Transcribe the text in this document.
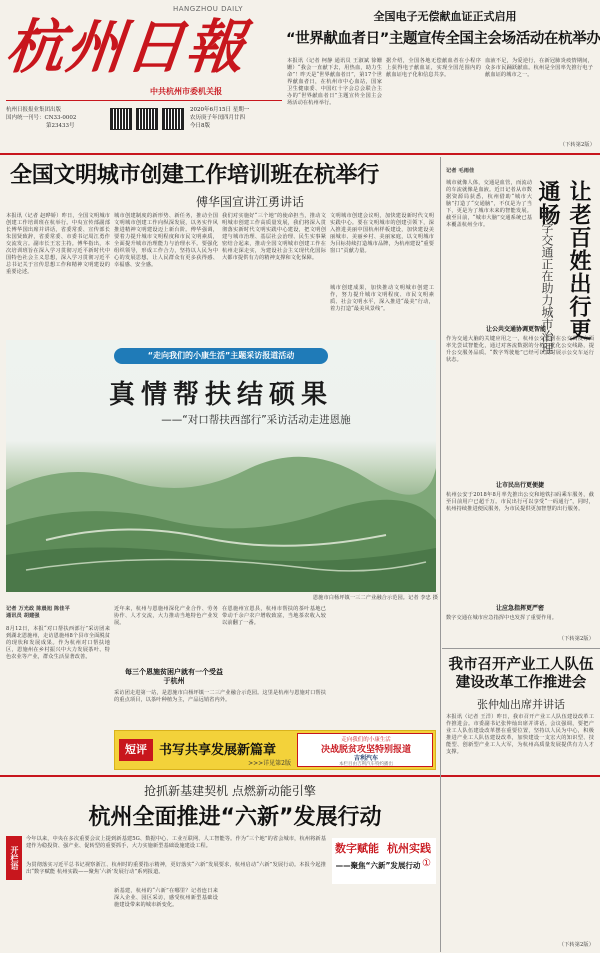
HANGZHOU DAILY
杭州日報
中共杭州市委机关报
杭州日报报业集团出版
国内统一刊号：CN33-0002
第23433号
2020年6月15日 星期一
农历庚子年闰四月廿四
今日8版
全国电子无偿献血证正式启用
“世界献血者日”主题宣传全国主会场活动在杭举办
本报讯（记者 柯静 通讯员 王淑斌 徐姗姗）“我会一直献下去，用热血，助力生命”！昨天是“世界献血者日”，第17个世界献血者日，在杭州市中心血站，国家卫生健康委、中国红十字会总会联合主办的“世界献血者日”主题宣传全国主会场活动在杭州举行。
据介绍，全国各地无偿献血者在小程序上获得电子献血证，实现全国范围内的献血证电子化和信息共享。
血液不足，为爱逆行，在新冠肺炎疫情期间，众多市民踊跃献血。杭州是全国率先推行电子献血证的城市之一。
（下转第2版）
全国文明城市创建工作培训班在杭举行
傅华国宣讲江勇讲话
本报讯（记者 赵晔娇）昨日，全国文明城市创建工作培训班在杭举行。中央宣传部副部长傅华国出席并讲话，省委常委、宣传部长朱国贤致辞，省委常委、市委书记周江勇作交流发言。副市长王宏主持。傅华指出，本次培训班旨在深入学习贯彻习近平新时代中国特色社会主义思想，深入学习贯彻习近平总书记关于宣传思想工作和精神文明建设的重要论述。
城市创建制度的新形势、新任务，推动全国文明城市创建工作向纵深发展，以务实作风推进精神文明建设迈上新台阶。傅华强调，要着力提升城市文明程度和市民文明素质，全面提升城市治理能力与治理水平。要强化组织领导，形成工作合力，坚持以人民为中心的发展思想，让人民群众有更多获得感、幸福感、安全感。
我们对实施好“三个地”的使命担当，推动文明城市创建工作高质量发展，我们将深入贯彻落实新时代文明实践中心建设，把文明创建与城市治理、基层社会治理、民生实事紧密结合起来，推动全国文明城市创建工作在杭州走深走实，为建设社会主义现代化国际大都市提供有力的精神支撑和文化保障。
文明城市创建会议明，加快建设新时代文明实践中心。要在文明城市的创建引领下，深入推进美丽中国杭州样板建设，加快建设美丽城市、美丽乡村、美丽家庭，以文明城市为目标持续打造城市品牌，为杭州建设“重要窗口”贡献力量。
城市创建成果，加快推动文明城市创建工作，努力提升城市文明程度、市民文明素质、社会文明水平，深入推进“最美”行动，着力打造“最美风景线”。	让老百姓出行更通畅
数字交通正在助力城市治理
记者 毛雨佳
城市就像人体，交通是血管，而流动的车流就像是血液。近日记者从市数据资源局获悉，杭州借助“城市大脑”打造了“交通脑”，不仅是为了当下，更是为了城市未来的智能发展。截至目前，“城市大脑”交通系统已基本覆盖杭州全市。
让公共交通协调更智能
作为交通大脑的关键应用之一，杭州公交集团在公交调度方面率先尝试智能化，通过对客流数据的分析，优化公交线路，提升公交服务品质。“数字驾驶舱”已经可以实时展示公交车运行状态。
让市民出行更便捷
杭州公安于2018年8月率先推出公交和地铁扫码乘车服务，截至目前用户已超千万。市民出行可以享受“一码通行”，同时，杭州持续推进便民服务，为市民提供更加智慧的出行服务。
让应急指挥更严密
数字交通在城市应急指挥中也发挥了重要作用。
（下转第2版）
“走向我们的小康生活”主题采访报道活动
真情帮扶结硕果
——“对口帮扶西部行”采访活动走进恩施
恩施市白杨坪镇一三二产业融合示范园。记者 李忠 摄
记者 万光政 陈晨旭 陈佳平
通讯员 胡建强
8月12日，本报“对口帮扶西部行”采访团来到湖北恩施州，走访恩施州8个县市全面脱贫的现状和发展成果。作为杭州对口帮扶地区，恩施州在乡村振兴中大力发展茶叶、特色农业等产业，群众生活显著改善。
近年来，杭州与恩施州深化产业合作、劳务协作、人才交流，大力推动当地特色产业发展。
在恩施州宣恩县，杭州市帮扶的茶叶基地已带动千余户农户增收致富，当地茶农收入较以前翻了一番。
每三个恩施贫困户就有一个受益于杭州
采访团走进第一站，是恩施市白杨坪镇一二三产业融合示范园。这里是杭州与恩施对口帮扶的重点项目，以茶叶种植为主，产品远销省内外。
短评 书写共享发展新篇章
>>>详见第2版
走向我们的小康生活
决战脱贫攻坚特别报道
吉利汽车
本栏目由吉利汽车特约播出
抢抓新基建契机 点燃新动能引擎
杭州全面推进“六新”发展行动
开栏语
今年以来，中央在多次重要会议上提到新基建5G、数据中心、工业互联网、人工智能等。作为“三个地”的省会城市，杭州将新基建作为稳投资、强产业、促转型的重要抓手，大力实施新型基础设施建设工程。
为贯彻落实习近平总书记视察浙江、杭州时的重要指示精神，更好落实“六新”发展要求，杭州启动“六新”发展行动。本报今起推出“数字赋能 杭州实践——聚焦‘六新’发展行动”系列报道。
数字赋能 杭州实践
——聚焦“六新”发展行动 ①
新基建，杭州的“六新”在哪里？记者连日来深入企业、园区采访，感受杭州新型基础设施建设带来的城市新变化。
我市召开产业工人队伍建设改革工作推进会
张仲灿出席并讲话
本报讯（记者 王洋）昨日，我市召开产业工人队伍建设改革工作推进会。市委副书记张仲灿出席并讲话。会议强调，要把产业工人队伍建设改革摆在重要位置，坚持以人民为中心，积极推进产业工人队伍建设改革，加快建设一支宏大的知识型、技能型、创新型产业工人大军，为杭州高质量发展提供有力人才支撑。
（下转第2版）
